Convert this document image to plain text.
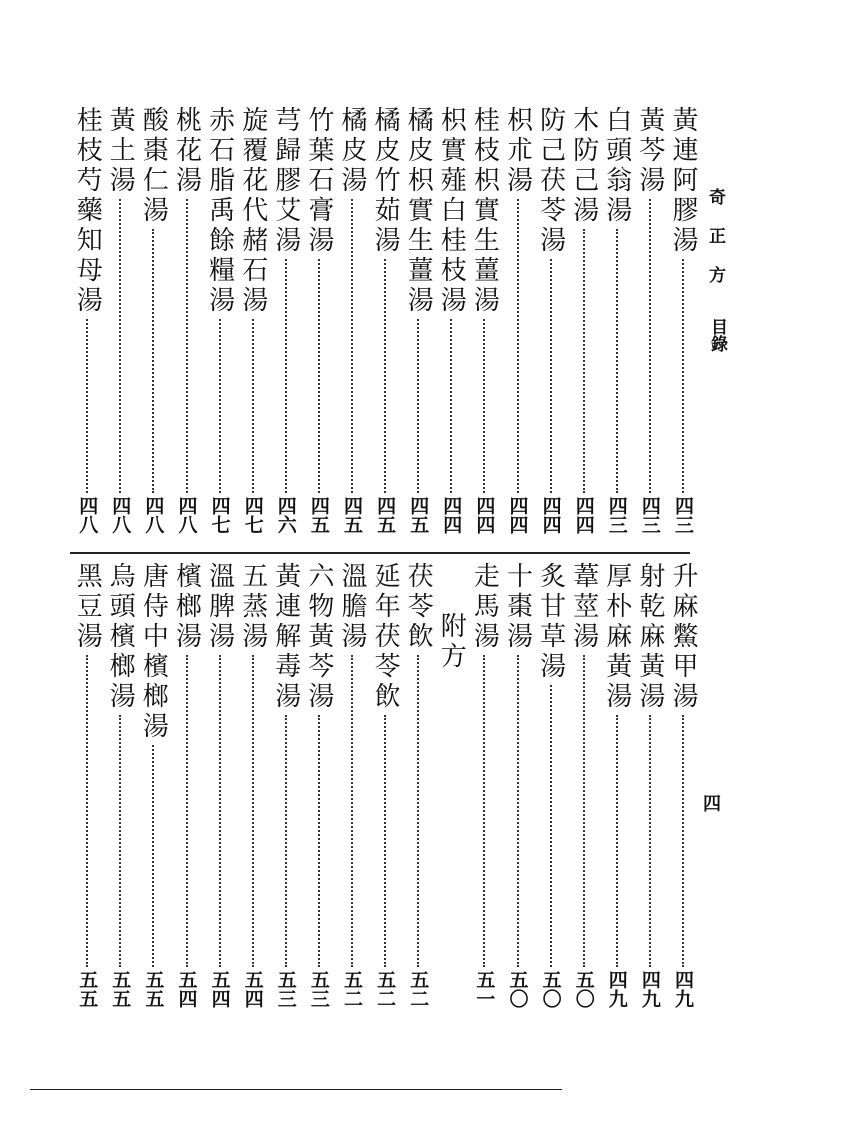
奇正方
目錄
四
黃連阿膠湯
四三
黃芩湯
四三
白頭翁湯
四三
木防己湯
四四
防己茯苓湯
四四
枳朮湯
四四
桂枝枳實生薑湯
四四
枳實薤白桂枝湯
四四
橘皮枳實生薑湯
四五
橘皮竹茹湯
四五
橘皮湯
四五
竹葉石膏湯
四五
芎歸膠艾湯
四六
旋覆花代赭石湯
四七
赤石脂禹餘糧湯
四七
桃花湯
四八
酸棗仁湯
四八
黃土湯
四八
桂枝芍藥知母湯
四八
升麻鱉甲湯
四九
射乾麻黃湯
四九
厚朴麻黃湯
四九
葦莖湯
五〇
炙甘草湯
五〇
十棗湯
五〇
走馬湯
五一
附方
茯苓飲
五二
延年茯苓飲
五二
溫膽湯
五二
六物黃芩湯
五三
黃連解毒湯
五三
五蒸湯
五四
溫脾湯
五四
檳榔湯
五四
唐侍中檳榔湯
五五
烏頭檳榔湯
五五
黑豆湯
五五
